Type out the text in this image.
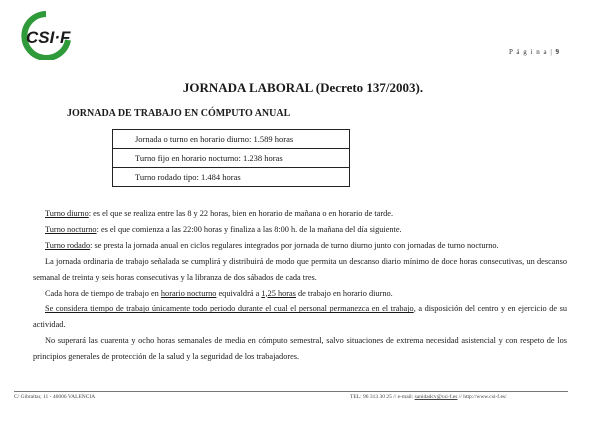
CSI·F
P á g i n a | 9
JORNADA LABORAL (Decreto 137/2003).
JORNADA DE TRABAJO EN CÓMPUTO ANUAL
Jornada o turno en horario diurno: 1.589 horas
Turno fijo en horario nocturno: 1.238 horas
Turno rodado tipo: 1.484 horas

Turno diurno: es el que se realiza entre las 8 y 22 horas, bien en horario de mañana o en horario de tarde.

Turno nocturno: es el que comienza a las 22:00 horas y finaliza a las 8:00 h. de la mañana del día siguiente.

Turno rodado: se presta la jornada anual en ciclos regulares integrados por jornada de turno diurno junto con jornadas de turno nocturno.

La jornada ordinaria de trabajo señalada se cumplirá y distribuirá de modo que permita un descanso diario mínimo de doce horas consecutivas, un descanso semanal de treinta y seis horas consecutivas y la libranza de dos sábados de cada tres.

Cada hora de tiempo de trabajo en horario nocturno equivaldrá a 1,25 horas de trabajo en horario diurno.

Se considera tiempo de trabajo únicamente todo periodo durante el cual el personal permanezca en el trabajo, a disposición del centro y en ejercicio de su actividad.

No superará las cuarenta y ocho horas semanales de media en cómputo semestral, salvo situaciones de extrema necesidad asistencial y con respeto de los principios generales de protección de la salud y la seguridad de los trabajadores.

C/ Gibraltar, 11 - 46006 VALENCIA	TEL: 96 313 30 25 // e-mail: sanidadcv@csi-f.es // http://www.csi-f.es/
